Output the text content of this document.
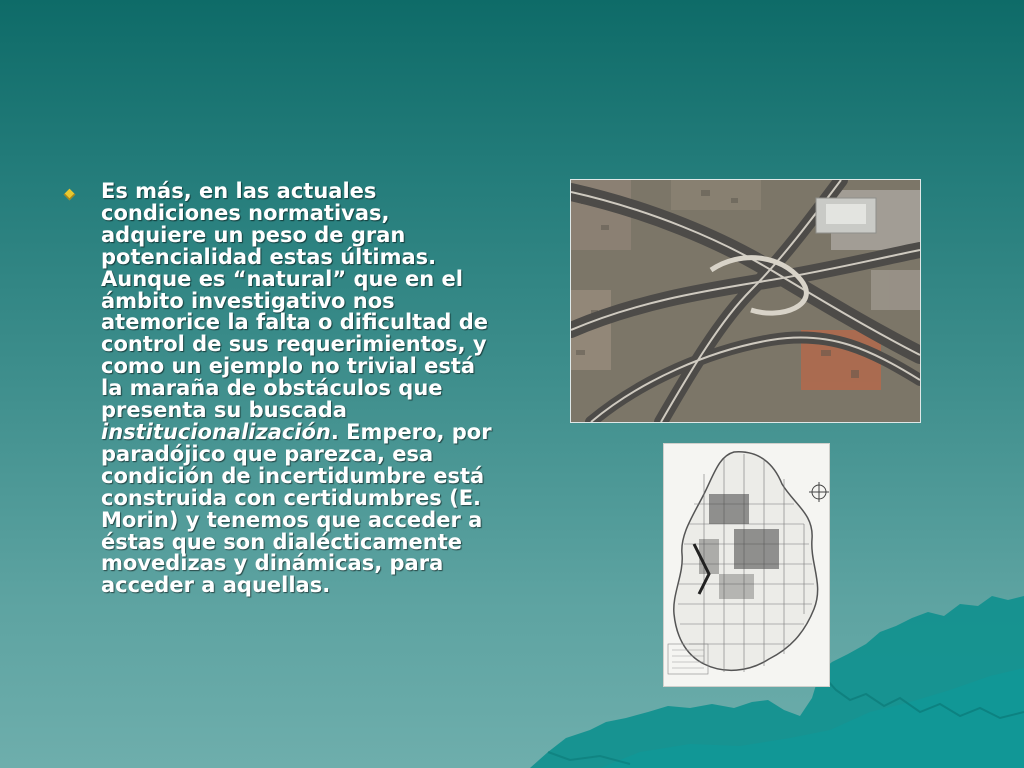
Es más, en las actuales condiciones normativas, adquiere un peso de gran potencialidad estas últimas. Aunque es “natural” que en el ámbito investigativo nos atemorice la falta o dificultad de control de sus requerimientos, y como un ejemplo no trivial está la maraña de obstáculos que presenta su buscada institucionalización. Empero, por paradójico que parezca, esa condición de incertidumbre está construida con certidumbres (E. Morin) y tenemos que acceder a éstas que son dialécticamente movedizas y dinámicas, para acceder a aquellas.
